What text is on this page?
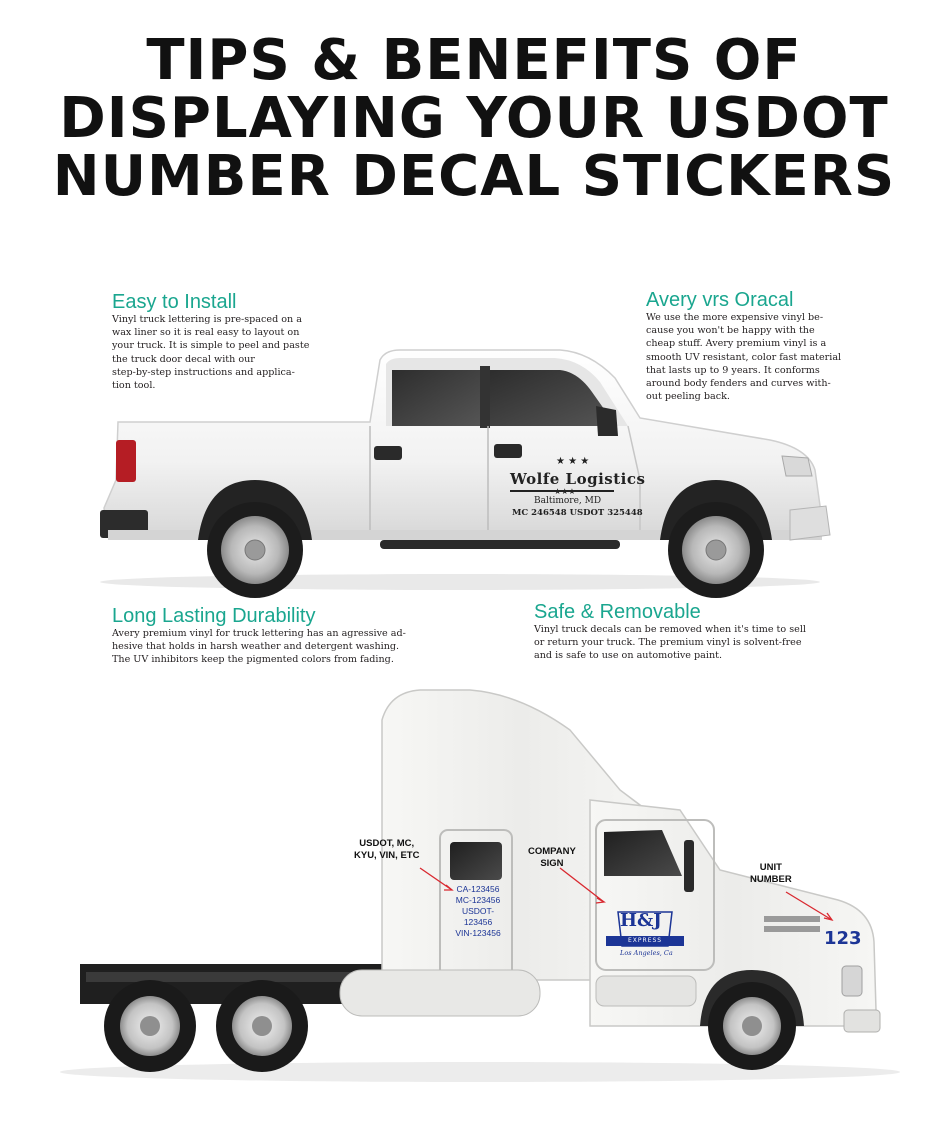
TIPS & BENEFITS OF
DISPLAYING YOUR USDOT
NUMBER DECAL STICKERS
Easy to Install

Vinyl truck lettering is pre-spaced on a
wax liner so it is real easy to layout on
your truck. It is simple to peel and paste
the truck door decal with our
step-by-step instructions and applica-
tion tool.

Avery vrs Oracal

We use the more expensive vinyl be-
cause you won't be happy with the
cheap stuff. Avery premium vinyl is a
smooth UV resistant, color fast material
that lasts up to 9 years. It conforms
around body fenders and curves with-
out peeling back.

★ ★ ★
Wolfe Logistics
★★★
Baltimore, MD
MC 246548 USDOT 325448
Long Lasting Durability

Avery premium vinyl for truck lettering has an agressive ad-
hesive that holds in harsh weather and detergent washing.
The UV inhibitors keep the pigmented colors from fading.

Safe & Removable

Vinyl truck decals can be removed when it's time to sell
or return your truck. The premium vinyl is solvent-free
and is safe to use on automotive paint.

USDOT, MC,
KYU, VIN, ETC	COMPANY
SIGN	UNIT
NUMBER
CA-123456
MC-123456
USDOT-123456
VIN-123456
H&J
EXPRESS
Los Angeles, Ca
123
